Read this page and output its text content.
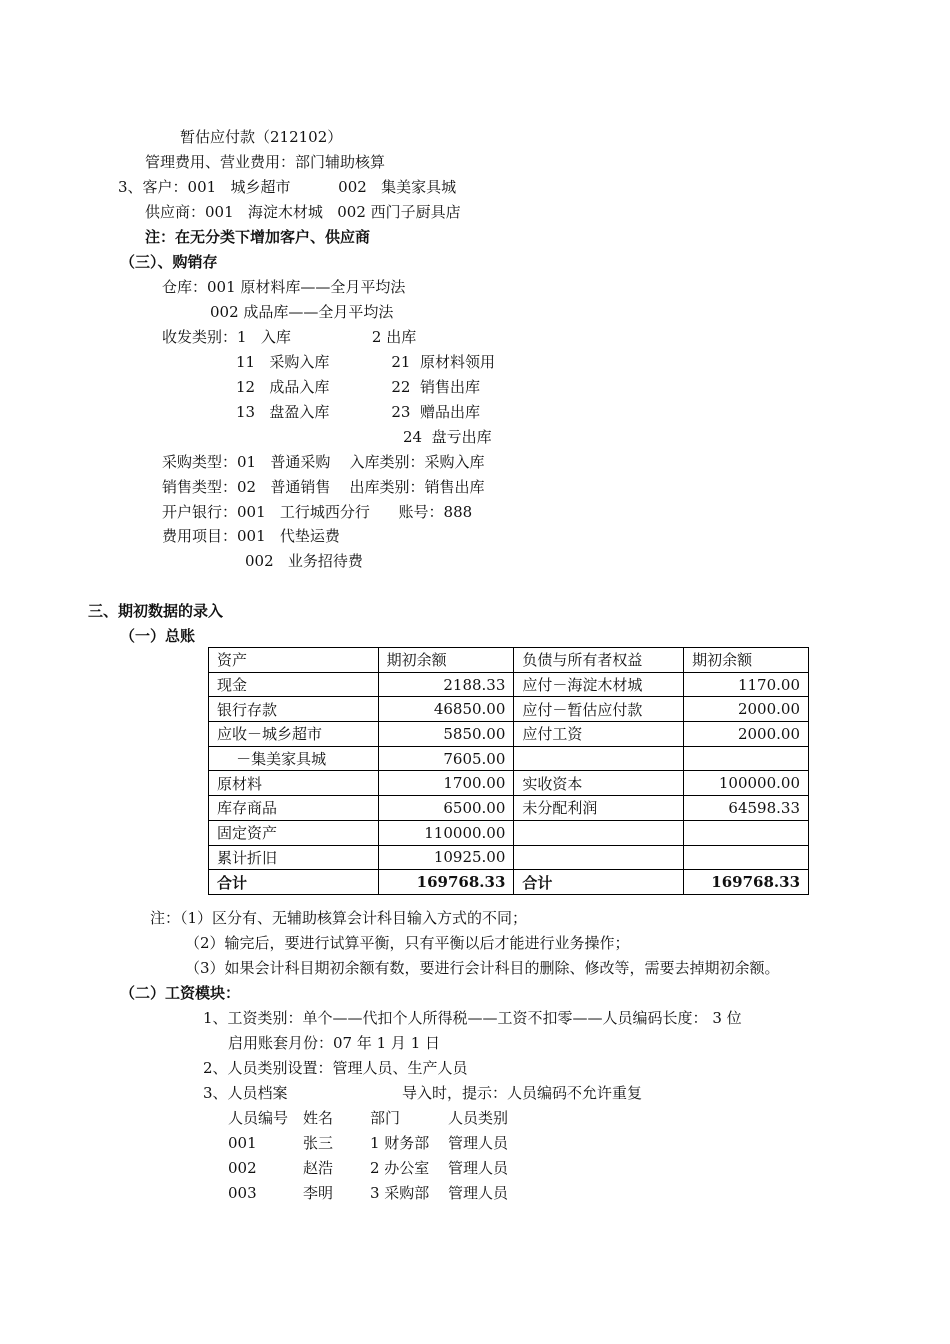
暂估应付款（212102）
管理费用、营业费用：部门辅助核算
3、客户：001   城乡超市          002   集美家具城
供应商：001   海淀木材城   002 西门子厨具店
注：在无分类下增加客户、供应商
（三）、购销存
仓库：001 原材料库——全月平均法
002 成品库——全月平均法
收发类别：1   入库                 2 出库
11   采购入库             21  原材料领用
12   成品入库             22  销售出库
13   盘盈入库             23  赠品出库
24  盘亏出库
采购类型：01   普通采购    入库类别：采购入库
销售类型：02   普通销售    出库类别：销售出库
开户银行：001   工行城西分行      账号：888
费用项目：001   代垫运费
002   业务招待费
三、期初数据的录入
（一）总账
资产	期初余额	负债与所有者权益	期初余额
现金	2188.33	应付－海淀木材城	1170.00
银行存款	46850.00	应付－暂估应付款	2000.00
应收－城乡超市	5850.00	应付工资	2000.00
－集美家具城	7605.00		
原材料	1700.00	实收资本	100000.00
库存商品	6500.00	未分配利润	64598.33
固定资产	110000.00		
累计折旧	10925.00		
合计	169768.33	合计	169768.33
注：（1）区分有、无辅助核算会计科目输入方式的不同；
（2）输完后，要进行试算平衡，只有平衡以后才能进行业务操作；
（3）如果会计科目期初余额有数，要进行会计科目的删除、修改等，需要去掉期初余额。
（二）工资模块：
1、工资类别：单个——代扣个人所得税——工资不扣零——人员编码长度： 3 位
启用账套月份：07 年 1 月 1 日
2、人员类别设置：管理人员、生产人员
3、人员档案                        导入时，提示：人员编码不允许重复
人员编号 姓名 部门	人员类别
001	张三 1 财务部 管理人员
002	赵浩 2 办公室 管理人员
003	李明 3 采购部 管理人员
